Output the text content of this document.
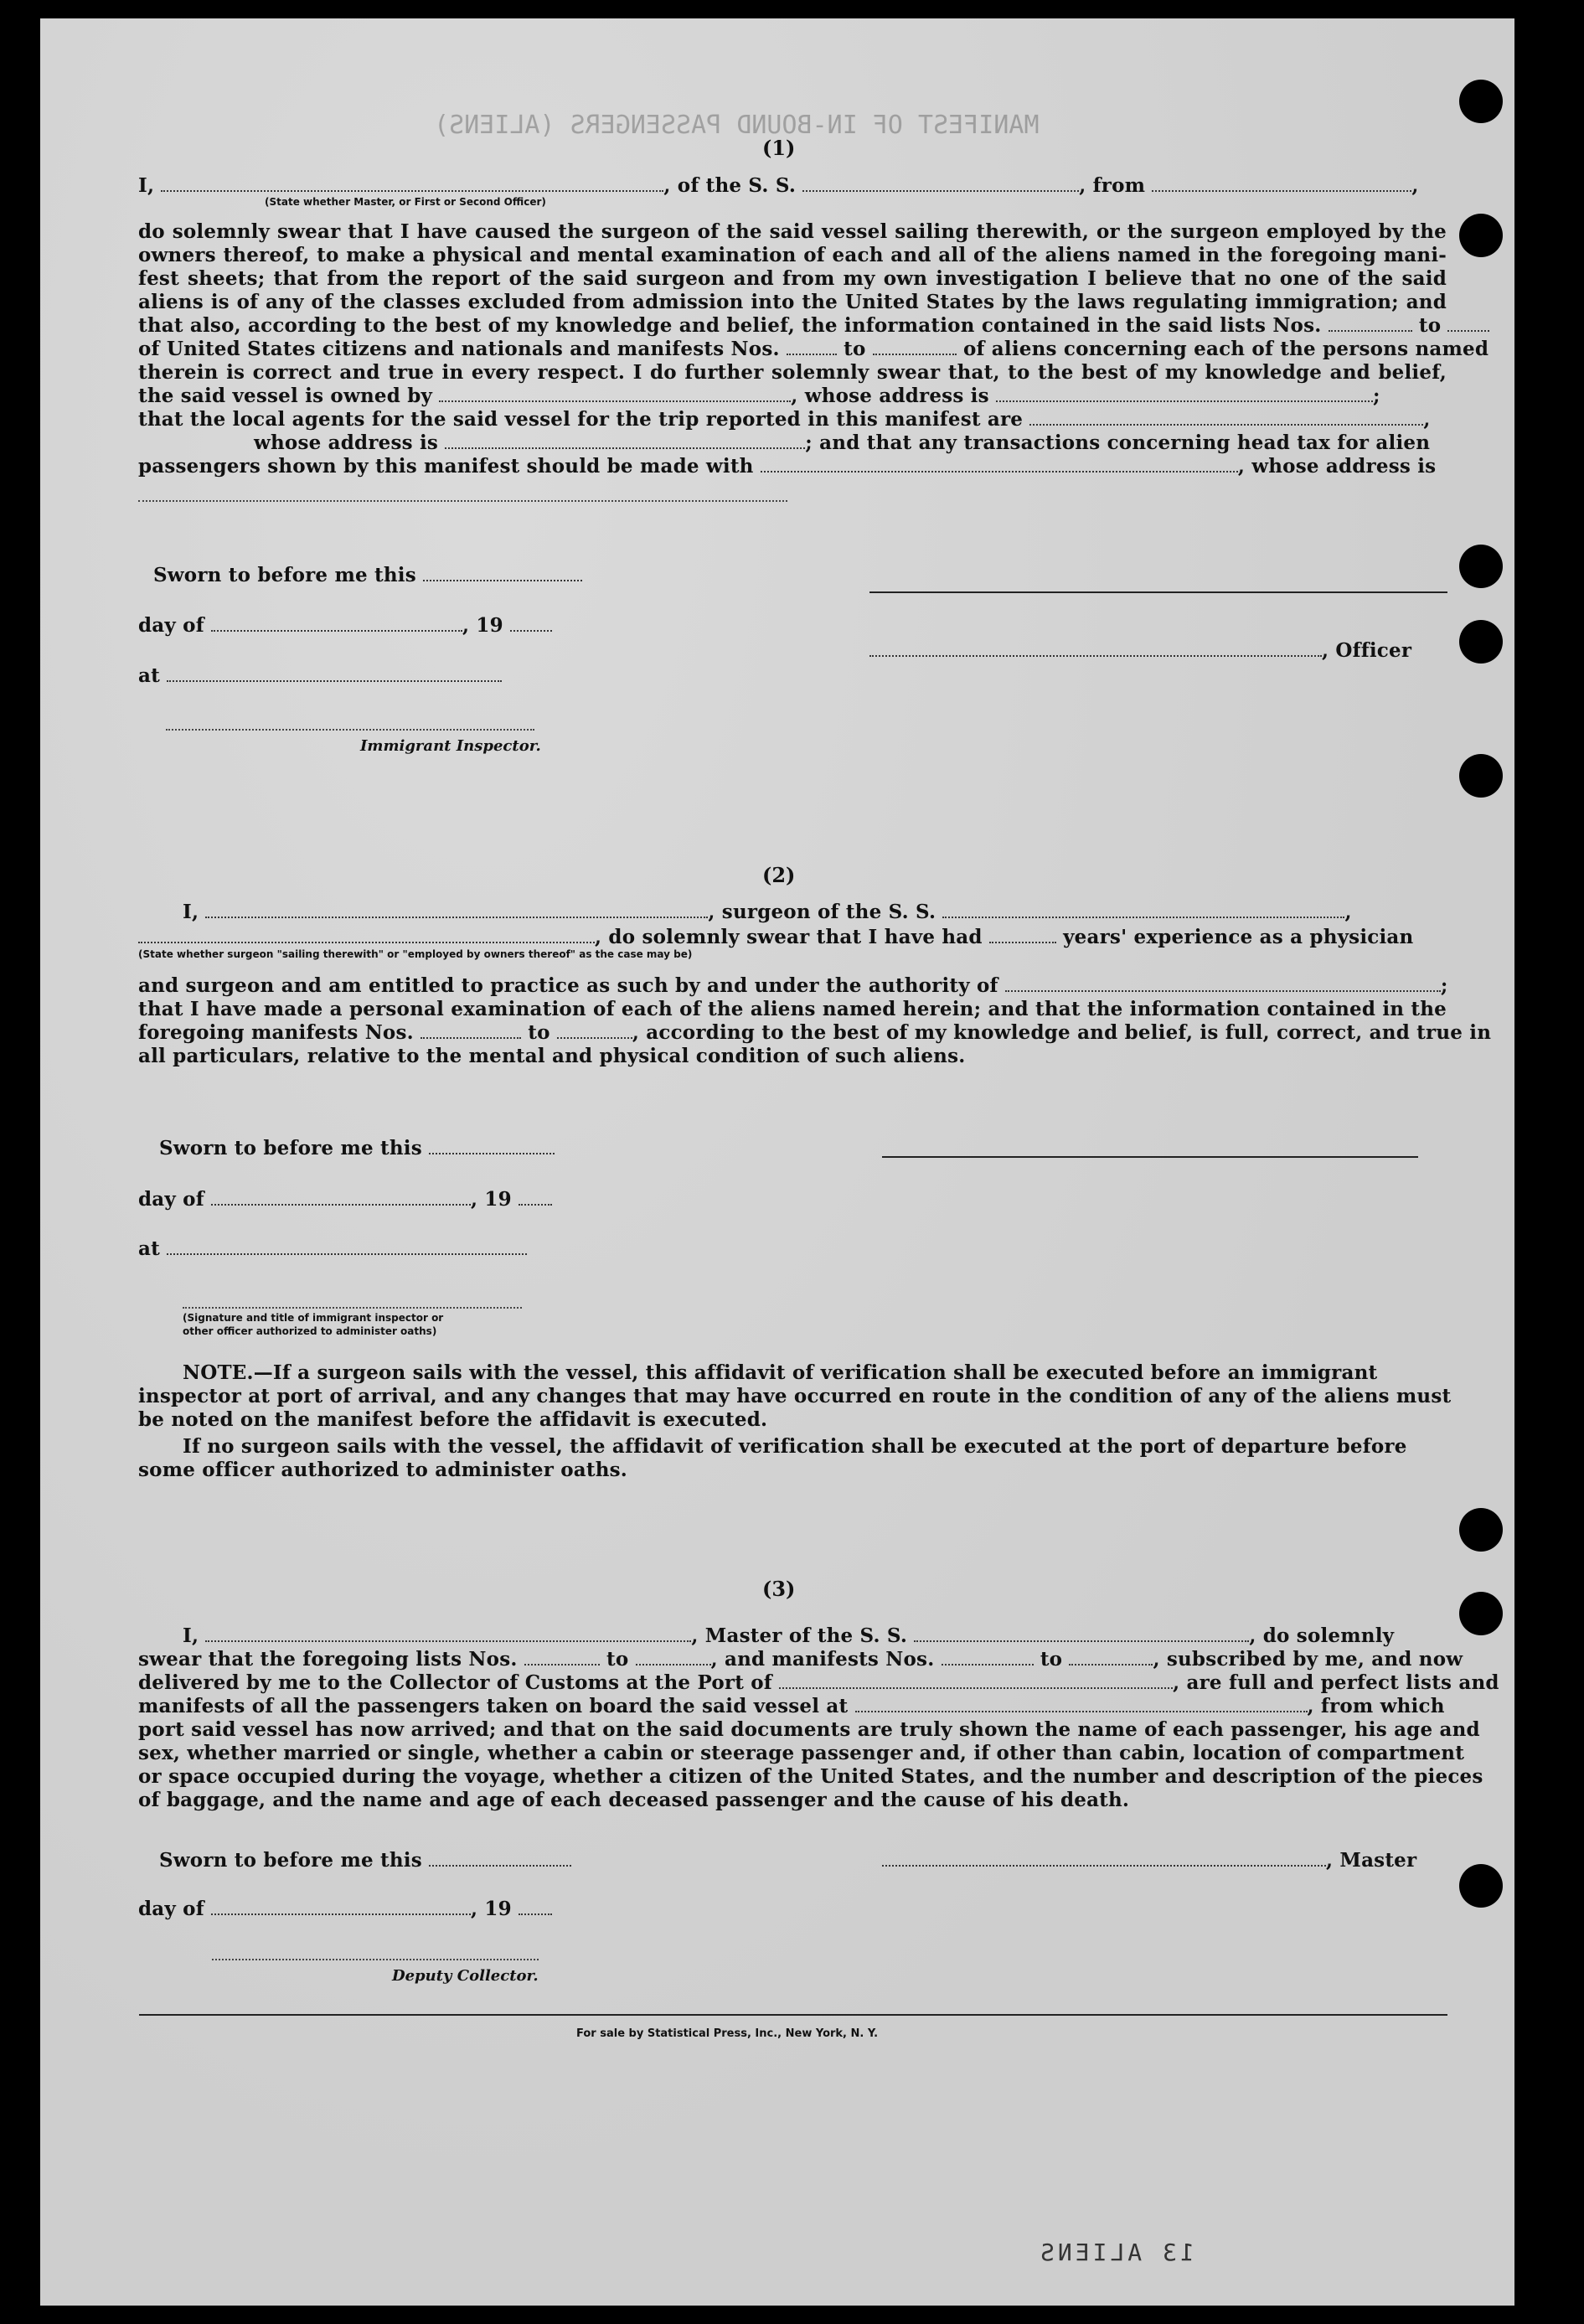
MANIFEST OF IN-BOUND PASSENGERS (ALIENS)
(1)
I,	, of the S. S.	, from	,
(State whether Master, or First or Second Officer)
do solemnly swear that I have caused the surgeon of the said vessel sailing therewith, or the surgeon employed by the
owners thereof, to make a physical and mental examination of each and all of the aliens named in the foregoing mani-
fest sheets; that from the report of the said surgeon and from my own investigation I believe that no one of the said
aliens is of any of the classes excluded from admission into the United States by the laws regulating immigration; and
that also, according to the best of my knowledge and belief, the information contained in the said lists Nos.	to
of United States citizens and nationals and manifests Nos.	to	of aliens concerning each of the persons named
therein is correct and true in every respect. I do further solemnly swear that, to the best of my knowledge and belief,
the said vessel is owned by	, whose address is	;
that the local agents for the said vessel for the trip reported in this manifest are	,
whose address is	; and that any transactions concerning head tax for alien
passengers shown by this manifest should be made with	, whose address is
Sworn to before me this
day of	, 19
, Officer
at
Immigrant Inspector.
(2)
I,	, surgeon of the S. S.	,
, do solemnly swear that I have had	years' experience as a physician
(State whether surgeon "sailing therewith" or "employed by owners thereof" as the case may be)
and surgeon and am entitled to practice as such by and under the authority of	;
that I have made a personal examination of each of the aliens named herein; and that the information contained in the
foregoing manifests Nos.	to	, according to the best of my knowledge and belief, is full, correct, and true in
all particulars, relative to the mental and physical condition of such aliens.
Sworn to before me this
day of	, 19
at
(Signature and title of immigrant inspector or
other officer authorized to administer oaths)
NOTE.—If a surgeon sails with the vessel, this affidavit of verification shall be executed before an immigrant
inspector at port of arrival, and any changes that may have occurred en route in the condition of any of the aliens must
be noted on the manifest before the affidavit is executed.
If no surgeon sails with the vessel, the affidavit of verification shall be executed at the port of departure before
some officer authorized to administer oaths.
(3)
I,	, Master of the S. S.	, do solemnly
swear that the foregoing lists Nos.	to	, and manifests Nos.	to	, subscribed by me, and now
delivered by me to the Collector of Customs at the Port of	, are full and perfect lists and
manifests of all the passengers taken on board the said vessel at	, from which
port said vessel has now arrived; and that on the said documents are truly shown the name of each passenger, his age and
sex, whether married or single, whether a cabin or steerage passenger and, if other than cabin, location of compartment
or space occupied during the voyage, whether a citizen of the United States, and the number and description of the pieces
of baggage, and the name and age of each deceased passenger and the cause of his death.
Sworn to before me this	, Master
day of	, 19
Deputy Collector.
For sale by Statistical Press, Inc., New York, N. Y.
13 ALIENS
